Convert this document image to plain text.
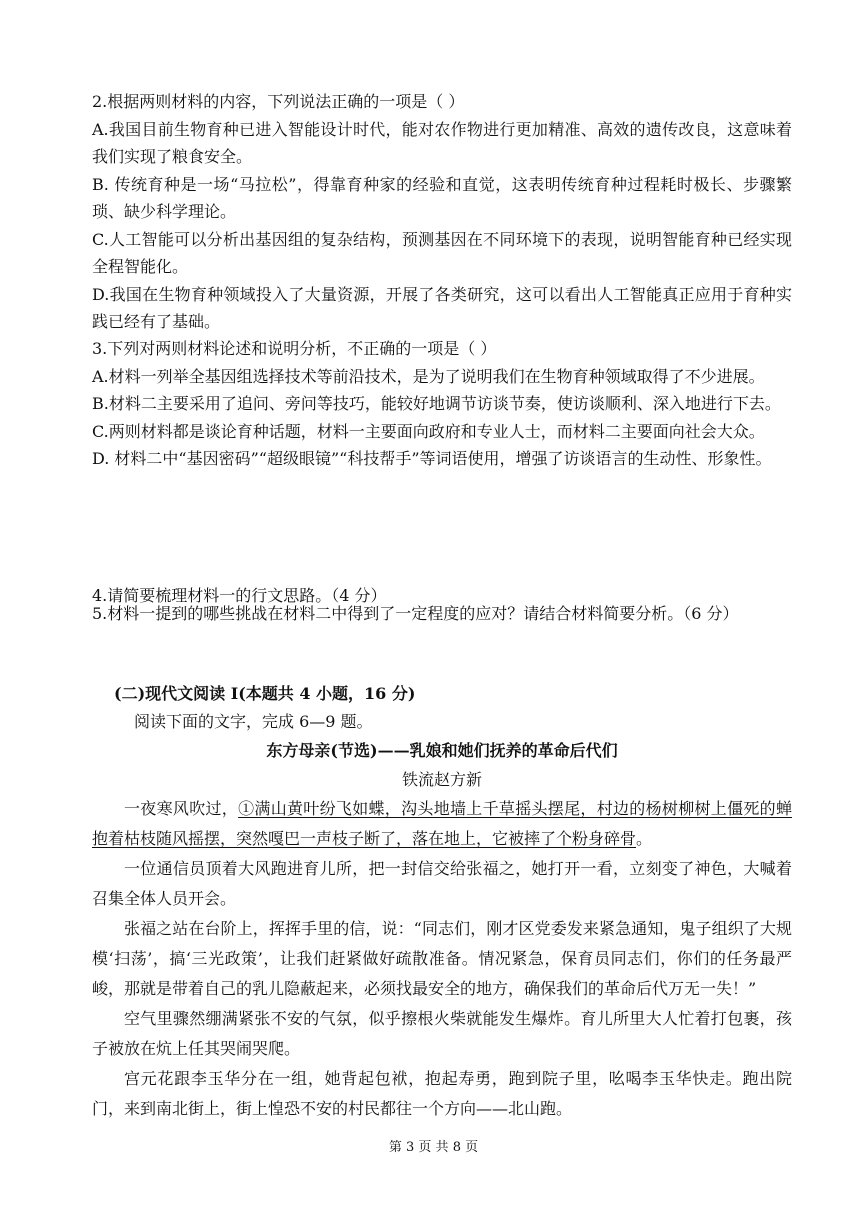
2.根据两则材料的内容，下列说法正确的一项是（ ）

A.我国目前生物育种已进入智能设计时代，能对农作物进行更加精准、高效的遗传改良，这意味着我们实现了粮食安全。

B. 传统育种是一场“马拉松”，得靠育种家的经验和直觉，这表明传统育种过程耗时极长、步骤繁琐、缺少科学理论。

C.人工智能可以分析出基因组的复杂结构，预测基因在不同环境下的表现，说明智能育种已经实现全程智能化。

D.我国在生物育种领域投入了大量资源，开展了各类研究，这可以看出人工智能真正应用于育种实践已经有了基础。

3.下列对两则材料论述和说明分析，不正确的一项是（ ）

A.材料一列举全基因组选择技术等前沿技术，是为了说明我们在生物育种领域取得了不少进展。

B.材料二主要采用了追问、旁问等技巧，能较好地调节访谈节奏，使访谈顺利、深入地进行下去。

C.两则材料都是谈论育种话题，材料一主要面向政府和专业人士，而材料二主要面向社会大众。

D. 材料二中“基因密码”“超级眼镜”“科技帮手”等词语使用，增强了访谈语言的生动性、形象性。

4.请简要梳理材料一的行文思路。（4 分）

5.材料一提到的哪些挑战在材料二中得到了一定程度的应对？请结合材料简要分析。（6 分）

(二)现代文阅读 I(本题共 4 小题，16 分)

阅读下面的文字，完成 6—9 题。

东方母亲(节选)——乳娘和她们抚养的革命后代们

铁流赵方新

一夜寒风吹过，①满山黄叶纷飞如蝶，沟头地墙上千草摇头摆尾，村边的杨树柳树上僵死的蝉抱着枯枝随风摇摆，突然嘎巴一声枝子断了，落在地上，它被摔了个粉身碎骨。

一位通信员顶着大风跑进育儿所，把一封信交给张福之，她打开一看，立刻变了神色，大喊着召集全体人员开会。

张福之站在台阶上，挥挥手里的信，说：“同志们，刚才区党委发来紧急通知，鬼子组织了大规模‘扫荡’，搞‘三光政策’，让我们赶紧做好疏散准备。情况紧急，保育员同志们，你们的任务最严峻，那就是带着自己的乳儿隐蔽起来，必须找最安全的地方，确保我们的革命后代万无一失！”

空气里骤然绷满紧张不安的气氛，似乎擦根火柴就能发生爆炸。育儿所里大人忙着打包裹，孩子被放在炕上任其哭闹哭爬。

宫元花跟李玉华分在一组，她背起包袱，抱起寿勇，跑到院子里，吆喝李玉华快走。跑出院门，来到南北街上，街上惶恐不安的村民都往一个方向——北山跑。

第 3 页 共 8 页
